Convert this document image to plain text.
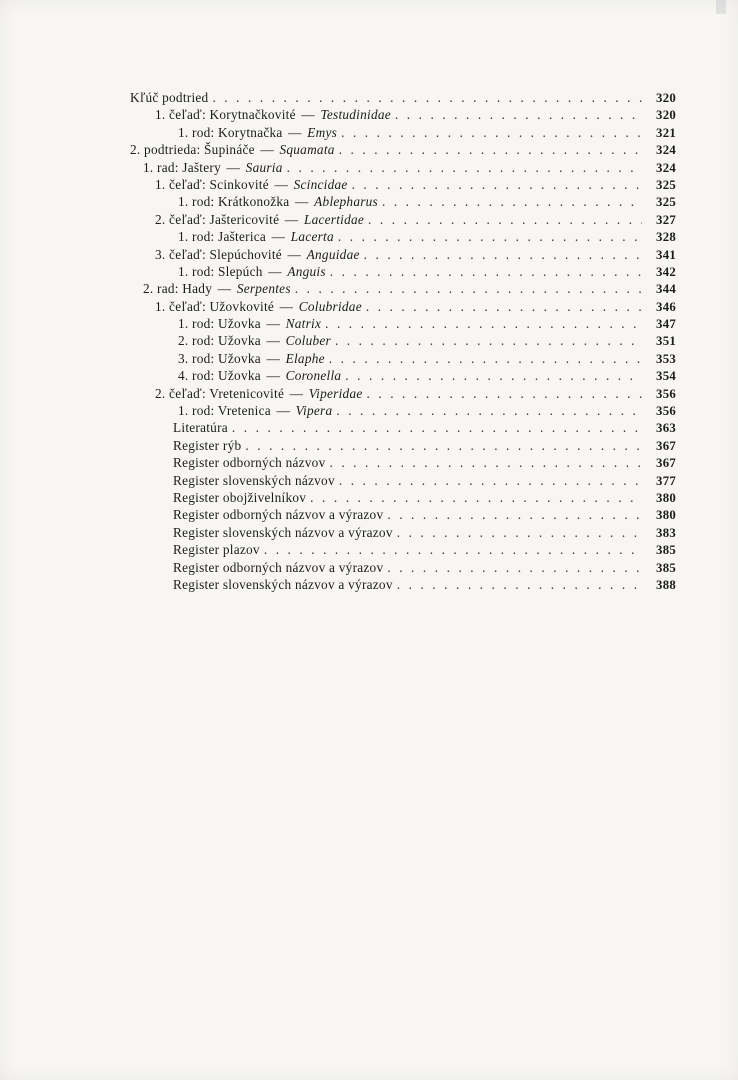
Kľúč podtried . . .	320
1. čeľaď: Korytnačkovité — Testudinidae . . .	320
1. rod: Korytnačka — Emys . . .	321
2. podtrieda: Šupináče — Squamata . . .	324
1. rad: Jaštery — Sauria . . .	324
1. čeľaď: Scinkovité — Scincidae . . .	325
1. rod: Krátkonožka — Ablepharus . . .	325
2. čeľaď: Jaštericovité — Lacertidae . . .	327
1. rod: Jašterica — Lacerta . . .	328
3. čeľaď: Slepúchovité — Anguidae . . .	341
1. rod: Slepúch — Anguis . . .	342
2. rad: Hady — Serpentes . . .	344
1. čeľaď: Užovkovité — Colubridae . . .	346
1. rod: Užovka — Natrix . . .	347
2. rod: Užovka — Coluber . . .	351
3. rod: Užovka — Elaphe . . .	353
4. rod: Užovka — Coronella . . .	354
2. čeľaď: Vretenicovité — Viperidae . . .	356
1. rod: Vretenica — Vipera . . .	356
Literatúra . . .	363
Register rýb . . .	367
Register odborných názvov . . .	367
Register slovenských názvov . . .	377
Register obojživelníkov . . .	380
Register odborných názvov a výrazov . . .	380
Register slovenských názvov a výrazov . . .	383
Register plazov . . .	385
Register odborných názvov a výrazov . . .	385
Register slovenských názvov a výrazov . . .	388
